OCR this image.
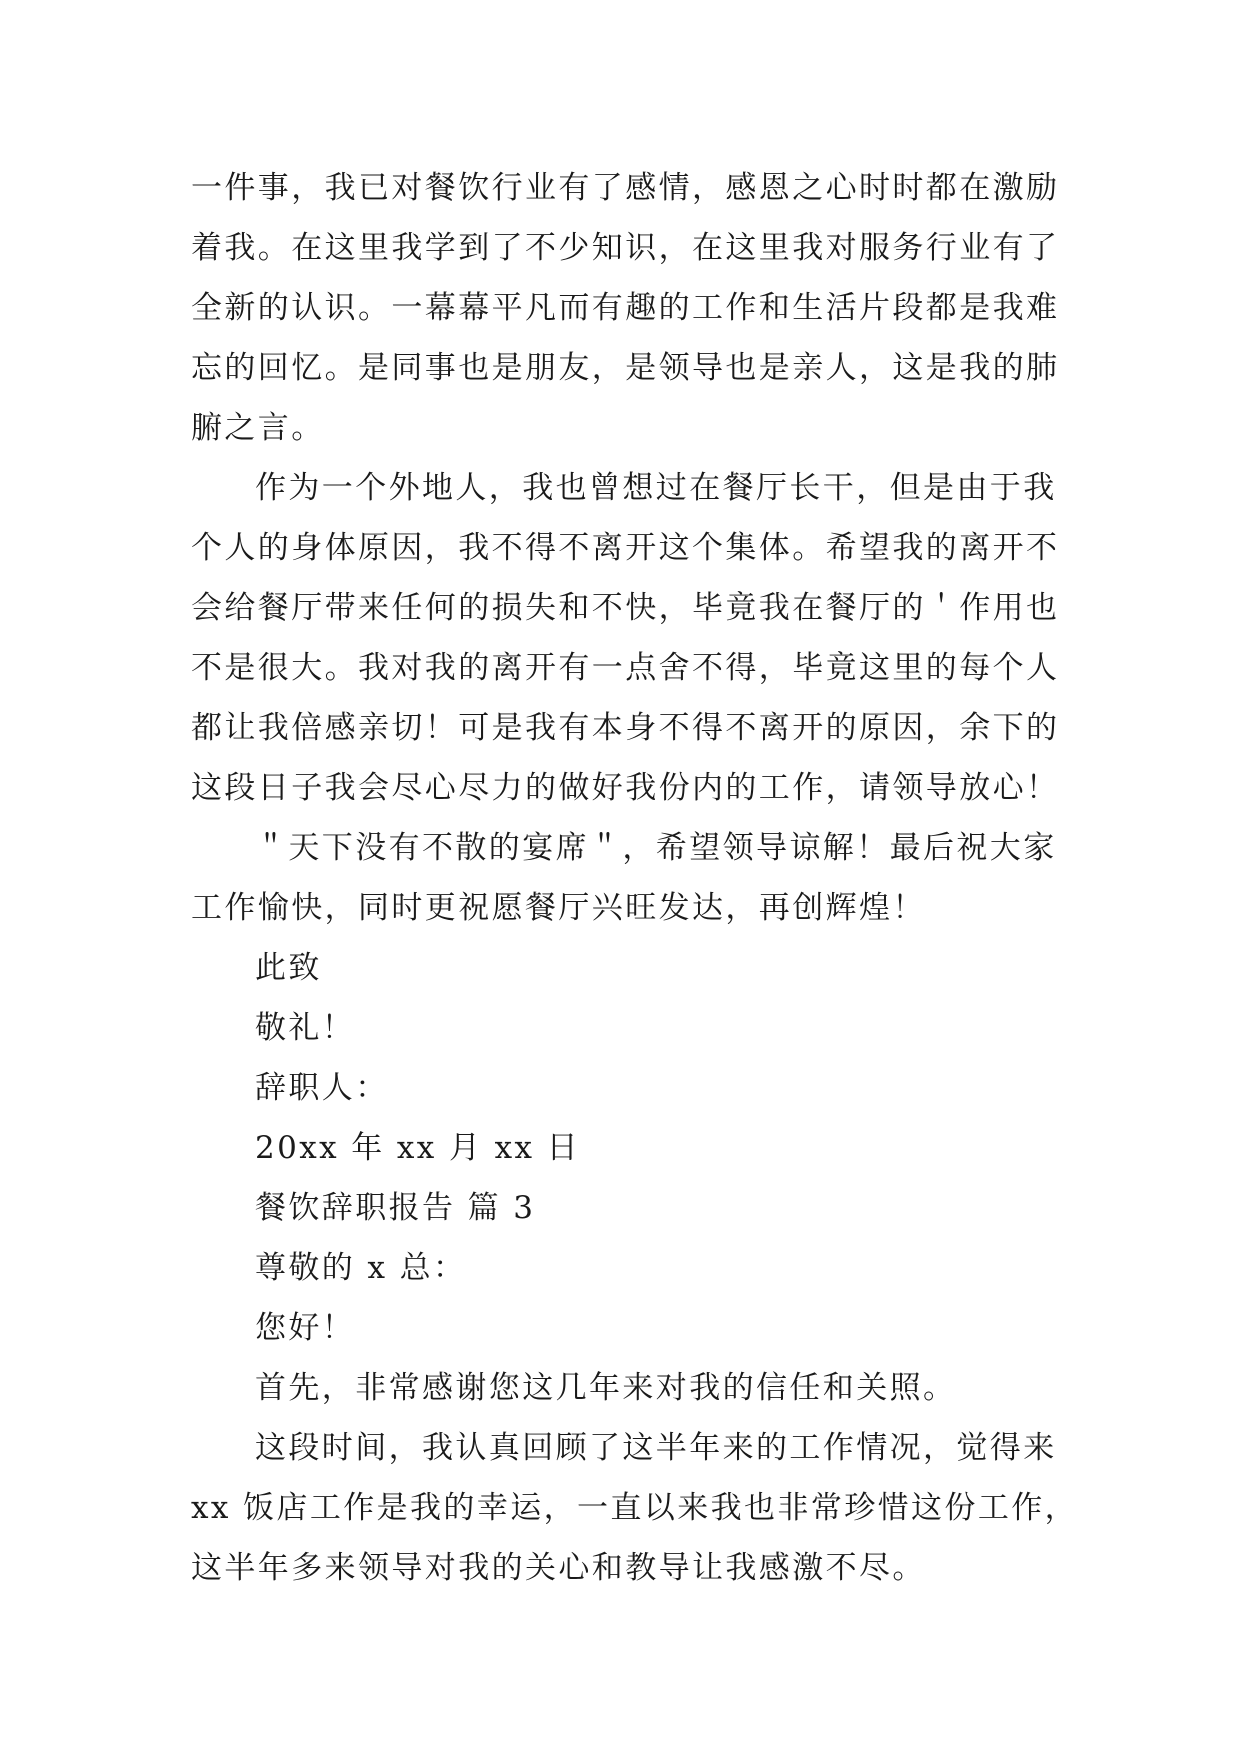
一件事，我已对餐饮行业有了感情，感恩之心时时都在激励
着我。在这里我学到了不少知识，在这里我对服务行业有了
全新的认识。一幕幕平凡而有趣的工作和生活片段都是我难
忘的回忆。是同事也是朋友，是领导也是亲人，这是我的肺
腑之言。
作为一个外地人，我也曾想过在餐厅长干，但是由于我
个人的身体原因，我不得不离开这个集体。希望我的离开不
会给餐厅带来任何的损失和不快，毕竟我在餐厅的＇作用也
不是很大。我对我的离开有一点舍不得，毕竟这里的每个人
都让我倍感亲切！可是我有本身不得不离开的原因，余下的
这段日子我会尽心尽力的做好我份内的工作，请领导放心！
＂天下没有不散的宴席＂，希望领导谅解！最后祝大家
工作愉快，同时更祝愿餐厅兴旺发达，再创辉煌！
此致
敬礼！
辞职人：
20xx 年 xx 月 xx 日
餐饮辞职报告 篇 3
尊敬的 x 总：
您好！
首先，非常感谢您这几年来对我的信任和关照。
这段时间，我认真回顾了这半年来的工作情况，觉得来
xx 饭店工作是我的幸运，一直以来我也非常珍惜这份工作，
这半年多来领导对我的关心和教导让我感激不尽。
